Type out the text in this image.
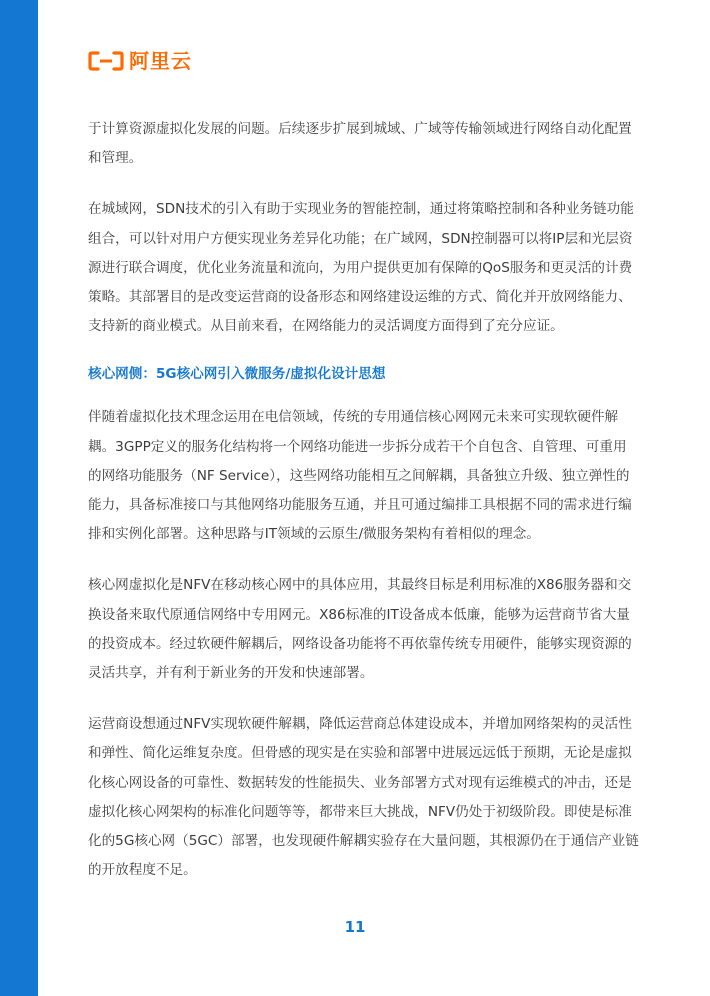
阿里云

于计算资源虚拟化发展的问题。后续逐步扩展到城域、广域等传输领域进行网络自动化配置和管理。

在城域网，SDN技术的引入有助于实现业务的智能控制，通过将策略控制和各种业务链功能组合，可以针对用户方便实现业务差异化功能；在广域网，SDN控制器可以将IP层和光层资源进行联合调度，优化业务流量和流向，为用户提供更加有保障的QoS服务和更灵活的计费策略。其部署目的是改变运营商的设备形态和网络建设运维的方式、简化并开放网络能力、支持新的商业模式。从目前来看，在网络能力的灵活调度方面得到了充分应证。

核心网侧：5G核心网引入微服务/虚拟化设计思想

伴随着虚拟化技术理念运用在电信领域，传统的专用通信核心网网元未来可实现软硬件解耦。3GPP定义的服务化结构将一个网络功能进一步拆分成若干个自包含、自管理、可重用的网络功能服务（NF Service），这些网络功能相互之间解耦，具备独立升级、独立弹性的能力，具备标准接口与其他网络功能服务互通，并且可通过编排工具根据不同的需求进行编排和实例化部署。这种思路与IT领域的云原生/微服务架构有着相似的理念。

核心网虚拟化是NFV在移动核心网中的具体应用，其最终目标是利用标准的X86服务器和交换设备来取代原通信网络中专用网元。X86标准的IT设备成本低廉，能够为运营商节省大量的投资成本。经过软硬件解耦后，网络设备功能将不再依靠传统专用硬件，能够实现资源的灵活共享，并有利于新业务的开发和快速部署。

运营商设想通过NFV实现软硬件解耦，降低运营商总体建设成本，并增加网络架构的灵活性和弹性、简化运维复杂度。但骨感的现实是在实验和部署中进展远远低于预期，无论是虚拟化核心网设备的可靠性、数据转发的性能损失、业务部署方式对现有运维模式的冲击，还是虚拟化核心网架构的标准化问题等等，都带来巨大挑战，NFV仍处于初级阶段。即使是标准化的5G核心网（5GC）部署，也发现硬件解耦实验存在大量问题，其根源仍在于通信产业链的开放程度不足。

11
